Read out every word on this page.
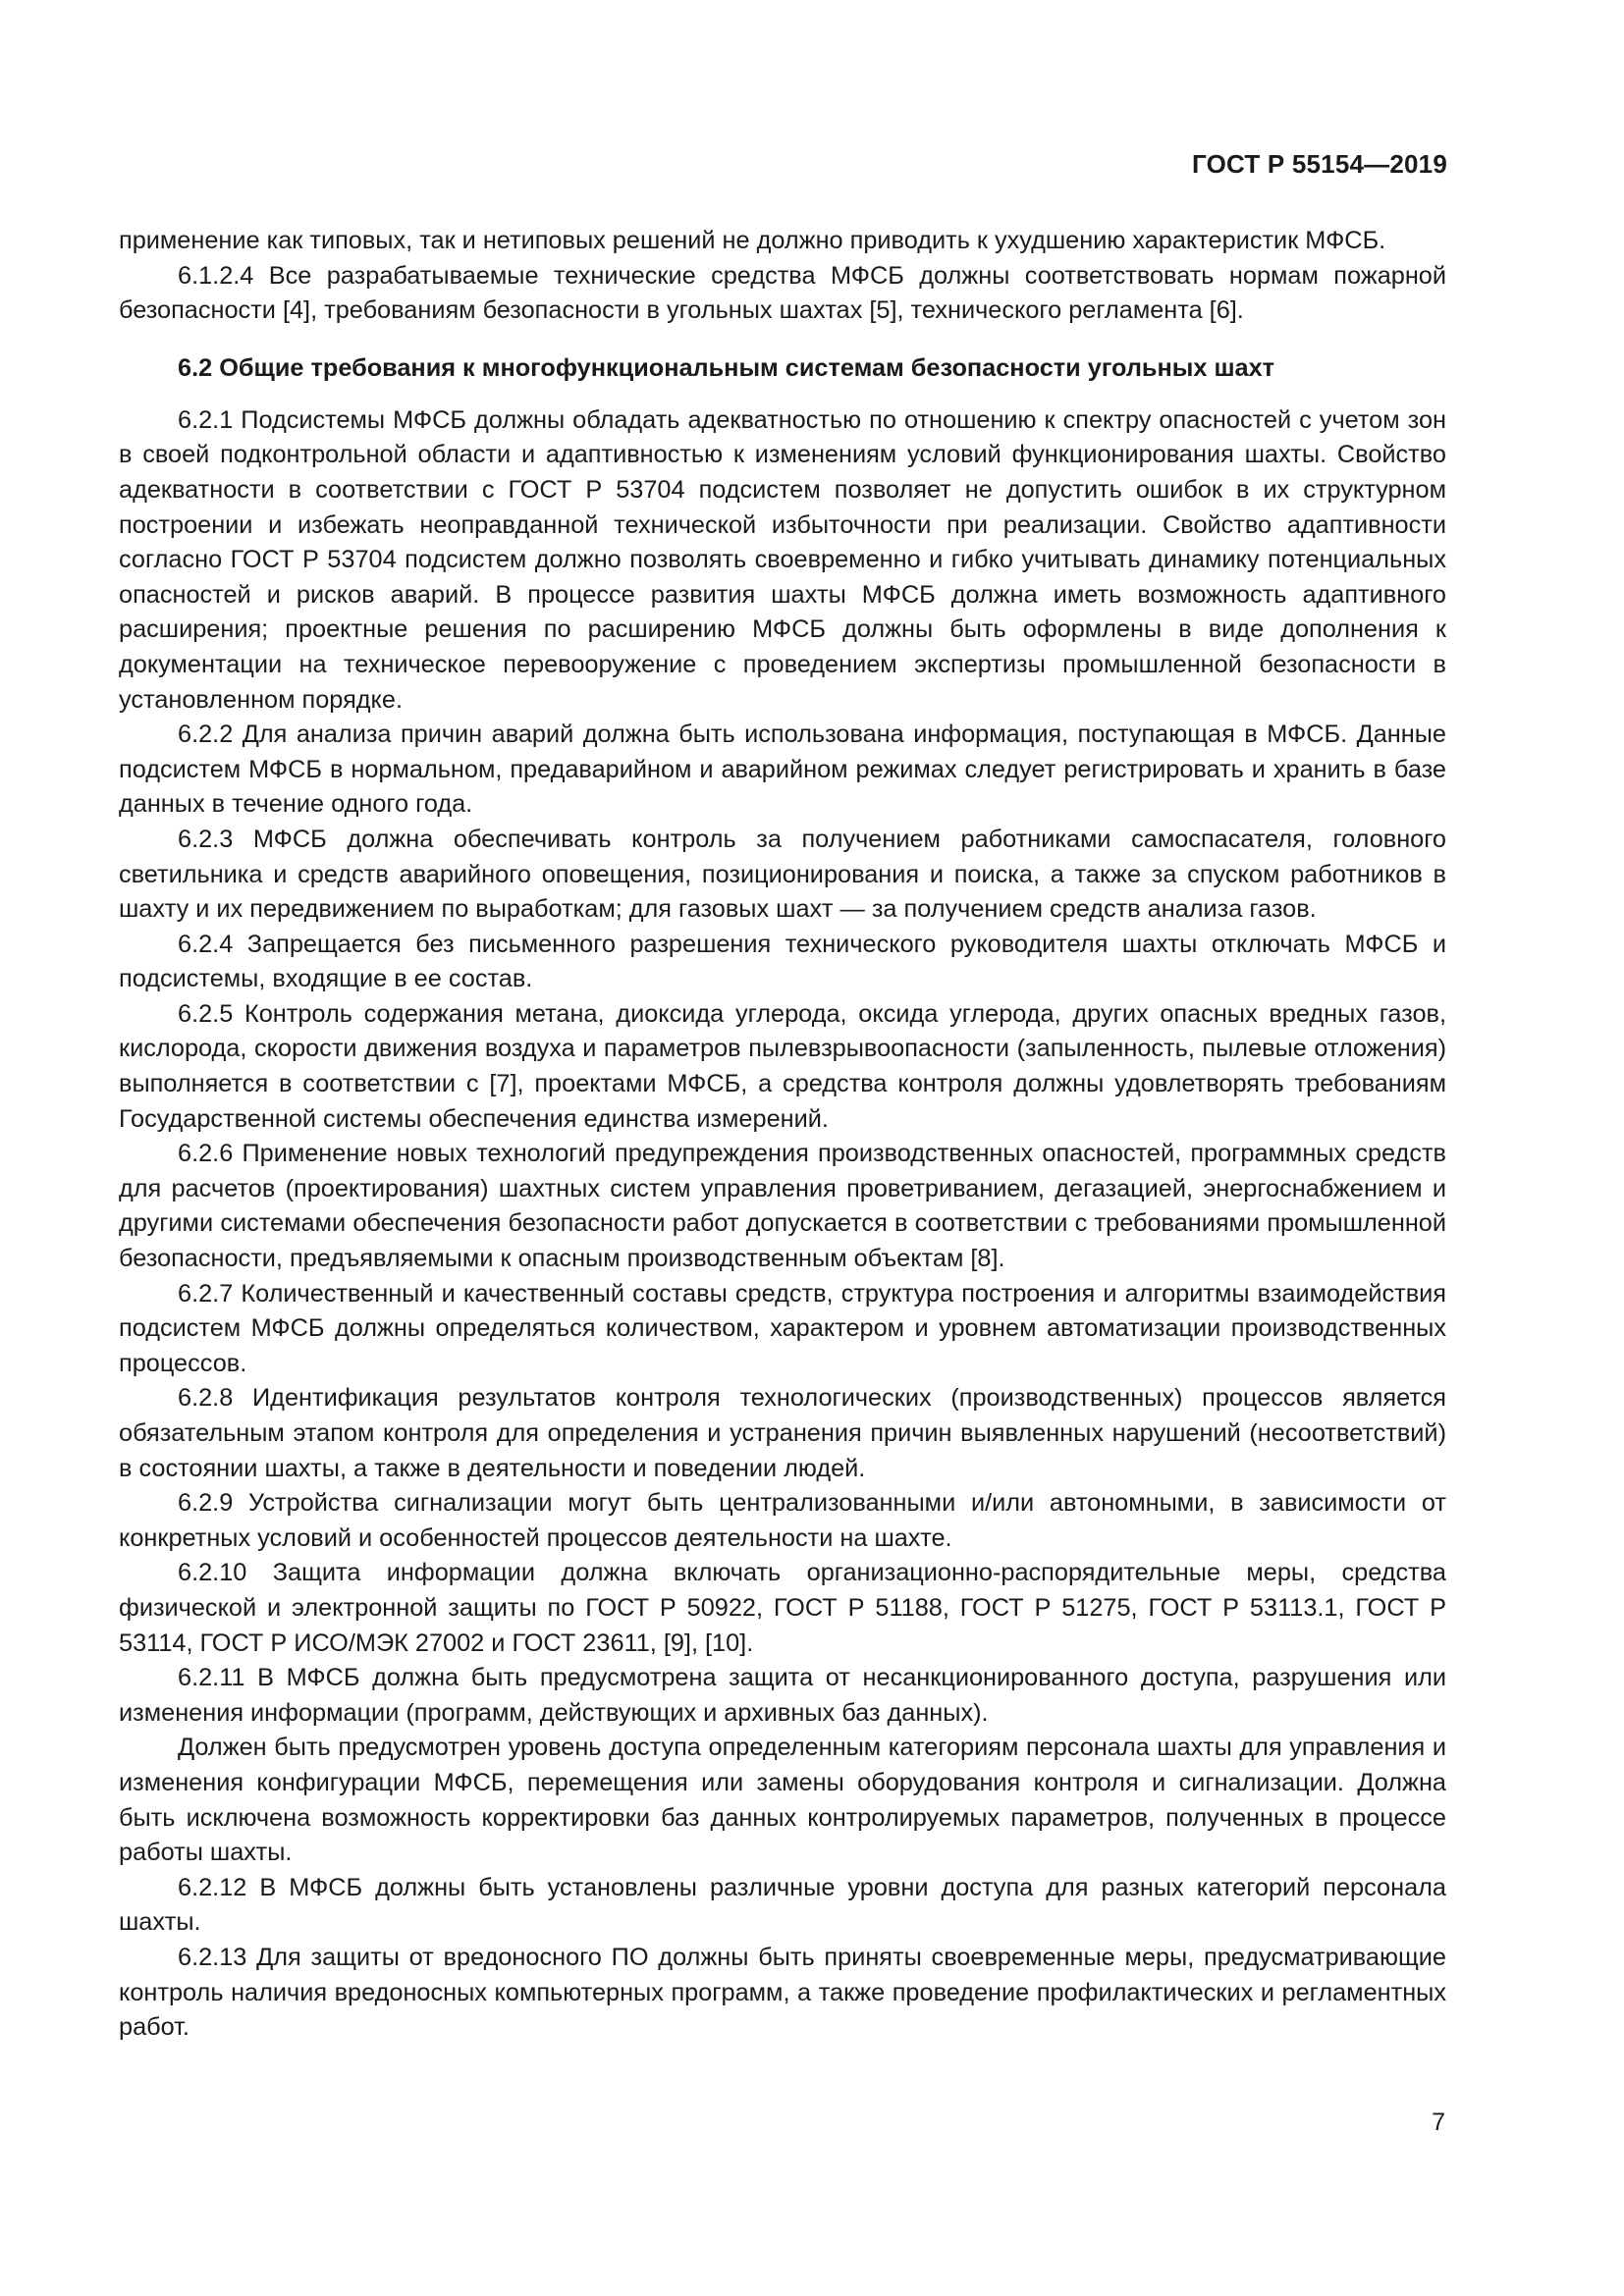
ГОСТ Р 55154—2019

применение как типовых, так и нетиповых решений не должно приводить к ухудшению характеристик МФСБ.

6.1.2.4 Все разрабатываемые технические средства МФСБ должны соответствовать нормам пожарной безопасности [4], требованиям безопасности в угольных шахтах [5], технического регламента [6].

6.2 Общие требования к многофункциональным системам безопасности угольных шахт

6.2.1 Подсистемы МФСБ должны обладать адекватностью по отношению к спектру опасностей с учетом зон в своей подконтрольной области и адаптивностью к изменениям условий функционирования шахты. Свойство адекватности в соответствии с ГОСТ Р 53704 подсистем позволяет не допустить ошибок в их структурном построении и избежать неоправданной технической избыточности при реализации. Свойство адаптивности согласно ГОСТ Р 53704 подсистем должно позволять своевременно и гибко учитывать динамику потенциальных опасностей и рисков аварий. В процессе развития шахты МФСБ должна иметь возможность адаптивного расширения; проектные решения по расширению МФСБ должны быть оформлены в виде дополнения к документации на техническое перевооружение с проведением экспертизы промышленной безопасности в установленном порядке.

6.2.2 Для анализа причин аварий должна быть использована информация, поступающая в МФСБ. Данные подсистем МФСБ в нормальном, предаварийном и аварийном режимах следует регистрировать и хранить в базе данных в течение одного года.

6.2.3 МФСБ должна обеспечивать контроль за получением работниками самоспасателя, головного светильника и средств аварийного оповещения, позиционирования и поиска, а также за спуском работников в шахту и их передвижением по выработкам; для газовых шахт — за получением средств анализа газов.

6.2.4 Запрещается без письменного разрешения технического руководителя шахты отключать МФСБ и подсистемы, входящие в ее состав.

6.2.5 Контроль содержания метана, диоксида углерода, оксида углерода, других опасных вредных газов, кислорода, скорости движения воздуха и параметров пылевзрывоопасности (запыленность, пылевые отложения) выполняется в соответствии с [7], проектами МФСБ, а средства контроля должны удовлетворять требованиям Государственной системы обеспечения единства измерений.

6.2.6 Применение новых технологий предупреждения производственных опасностей, программных средств для расчетов (проектирования) шахтных систем управления проветриванием, дегазацией, энергоснабжением и другими системами обеспечения безопасности работ допускается в соответствии с требованиями промышленной безопасности, предъявляемыми к опасным производственным объектам [8].

6.2.7 Количественный и качественный составы средств, структура построения и алгоритмы взаимодействия подсистем МФСБ должны определяться количеством, характером и уровнем автоматизации производственных процессов.

6.2.8 Идентификация результатов контроля технологических (производственных) процессов является обязательным этапом контроля для определения и устранения причин выявленных нарушений (несоответствий) в состоянии шахты, а также в деятельности и поведении людей.

6.2.9 Устройства сигнализации могут быть централизованными и/или автономными, в зависимости от конкретных условий и особенностей процессов деятельности на шахте.

6.2.10 Защита информации должна включать организационно-распорядительные меры, средства физической и электронной защиты по ГОСТ Р 50922, ГОСТ Р 51188, ГОСТ Р 51275, ГОСТ Р 53113.1, ГОСТ Р 53114, ГОСТ Р ИСО/МЭК 27002 и ГОСТ 23611, [9], [10].

6.2.11 В МФСБ должна быть предусмотрена защита от несанкционированного доступа, разрушения или изменения информации (программ, действующих и архивных баз данных).

Должен быть предусмотрен уровень доступа определенным категориям персонала шахты для управления и изменения конфигурации МФСБ, перемещения или замены оборудования контроля и сигнализации. Должна быть исключена возможность корректировки баз данных контролируемых параметров, полученных в процессе работы шахты.

6.2.12 В МФСБ должны быть установлены различные уровни доступа для разных категорий персонала шахты.

6.2.13 Для защиты от вредоносного ПО должны быть приняты своевременные меры, предусматривающие контроль наличия вредоносных компьютерных программ, а также проведение профилактических и регламентных работ.

7
